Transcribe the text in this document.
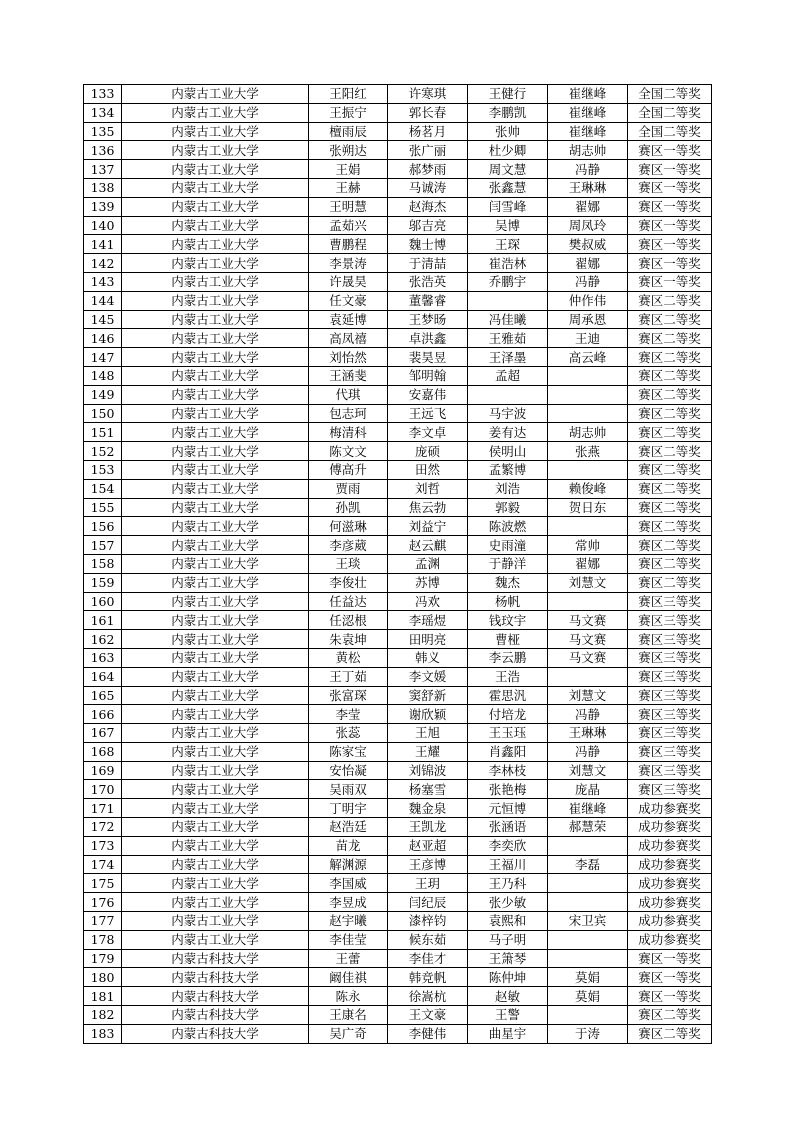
133	内蒙古工业大学	王阳红	许寒琪	王健行	崔继峰	全国二等奖
134	内蒙古工业大学	王振宁	郭长春	李鹏凯	崔继峰	全国二等奖
135	内蒙古工业大学	檀雨辰	杨茗月	张帅	崔继峰	全国二等奖
136	内蒙古工业大学	张朔达	张广丽	杜少卿	胡志帅	赛区一等奖
137	内蒙古工业大学	王娟	郝梦雨	周文慧	冯静	赛区一等奖
138	内蒙古工业大学	王赫	马诚涛	张鑫慧	王琳琳	赛区一等奖
139	内蒙古工业大学	王明慧	赵海杰	闫雪峰	翟娜	赛区一等奖
140	内蒙古工业大学	孟茹兴	邬吉亮	吴博	周凤玲	赛区一等奖
141	内蒙古工业大学	曹鹏程	魏士博	王琛	樊叔威	赛区一等奖
142	内蒙古工业大学	李景涛	于清喆	崔浩林	翟娜	赛区一等奖
143	内蒙古工业大学	许晟昊	张浩英	乔鹏宇	冯静	赛区一等奖
144	内蒙古工业大学	任文豪	董馨睿		仲作伟	赛区二等奖
145	内蒙古工业大学	袁延博	王梦旸	冯佳曦	周承恩	赛区二等奖
146	内蒙古工业大学	高凤禧	卓洪鑫	王雅茹	王迪	赛区二等奖
147	内蒙古工业大学	刘怡然	裴昊昱	王泽墨	高云峰	赛区二等奖
148	内蒙古工业大学	王涵斐	邹明翰	孟超		赛区二等奖
149	内蒙古工业大学	代琪	安嘉伟			赛区二等奖
150	内蒙古工业大学	包志珂	王远飞	马宇波		赛区二等奖
151	内蒙古工业大学	梅清科	李文卓	姜有达	胡志帅	赛区二等奖
152	内蒙古工业大学	陈文文	庞硕	侯明山	张燕	赛区二等奖
153	内蒙古工业大学	傅高升	田然	孟繁博		赛区二等奖
154	内蒙古工业大学	贾雨	刘哲	刘浩	赖俊峰	赛区二等奖
155	内蒙古工业大学	孙凯	焦云勃	郭毅	贺日东	赛区二等奖
156	内蒙古工业大学	何滋琳	刘益宁	陈波燃		赛区二等奖
157	内蒙古工业大学	李彦葳	赵云麒	史雨潼	常帅	赛区二等奖
158	内蒙古工业大学	王琰	孟渊	于静洋	翟娜	赛区二等奖
159	内蒙古工业大学	李俊壮	苏博	魏杰	刘慧文	赛区二等奖
160	内蒙古工业大学	任益达	冯欢	杨帆		赛区三等奖
161	内蒙古工业大学	任涊根	李瑶煜	钱玟宇	马文赛	赛区三等奖
162	内蒙古工业大学	朱袁坤	田明亮	曹桠	马文赛	赛区三等奖
163	内蒙古工业大学	黄松	韩义	李云鹏	马文赛	赛区三等奖
164	内蒙古工业大学	王丁茹	李文媛	王浩		赛区三等奖
165	内蒙古工业大学	张富琛	窦舒新	霍思汎	刘慧文	赛区三等奖
166	内蒙古工业大学	李莹	谢欣颖	付培龙	冯静	赛区三等奖
167	内蒙古工业大学	张蕊	王旭	王玉珏	王琳琳	赛区三等奖
168	内蒙古工业大学	陈家宝	王耀	肖鑫阳	冯静	赛区三等奖
169	内蒙古工业大学	安怡凝	刘锦波	李林枝	刘慧文	赛区三等奖
170	内蒙古工业大学	吴雨双	杨塞雪	张艳梅	庞晶	赛区三等奖
171	内蒙古工业大学	丁明宇	魏金泉	元恒博	崔继峰	成功参赛奖
172	内蒙古工业大学	赵浩廷	王凯龙	张涵语	郝慧荣	成功参赛奖
173	内蒙古工业大学	苗龙	赵亚超	李奕欣		成功参赛奖
174	内蒙古工业大学	解渊源	王彦博	王福川	李磊	成功参赛奖
175	内蒙古工业大学	李国威	王玥	王乃科		成功参赛奖
176	内蒙古工业大学	李昱成	闫纪辰	张少敏		成功参赛奖
177	内蒙古工业大学	赵宇曦	漆梓钧	袁熙和	宋卫宾	成功参赛奖
178	内蒙古工业大学	李佳莹	候东茹	马子明		成功参赛奖
179	内蒙古科技大学	王蕾	李佳才	王箫琴		赛区一等奖
180	内蒙古科技大学	阚佳祺	韩竞帆	陈仲坤	莫娟	赛区一等奖
181	内蒙古科技大学	陈永	徐嵩杭	赵敏	莫娟	赛区一等奖
182	内蒙古科技大学	王康名	王文豪	王警		赛区二等奖
183	内蒙古科技大学	吴广奇	李健伟	曲星宇	于涛	赛区二等奖
